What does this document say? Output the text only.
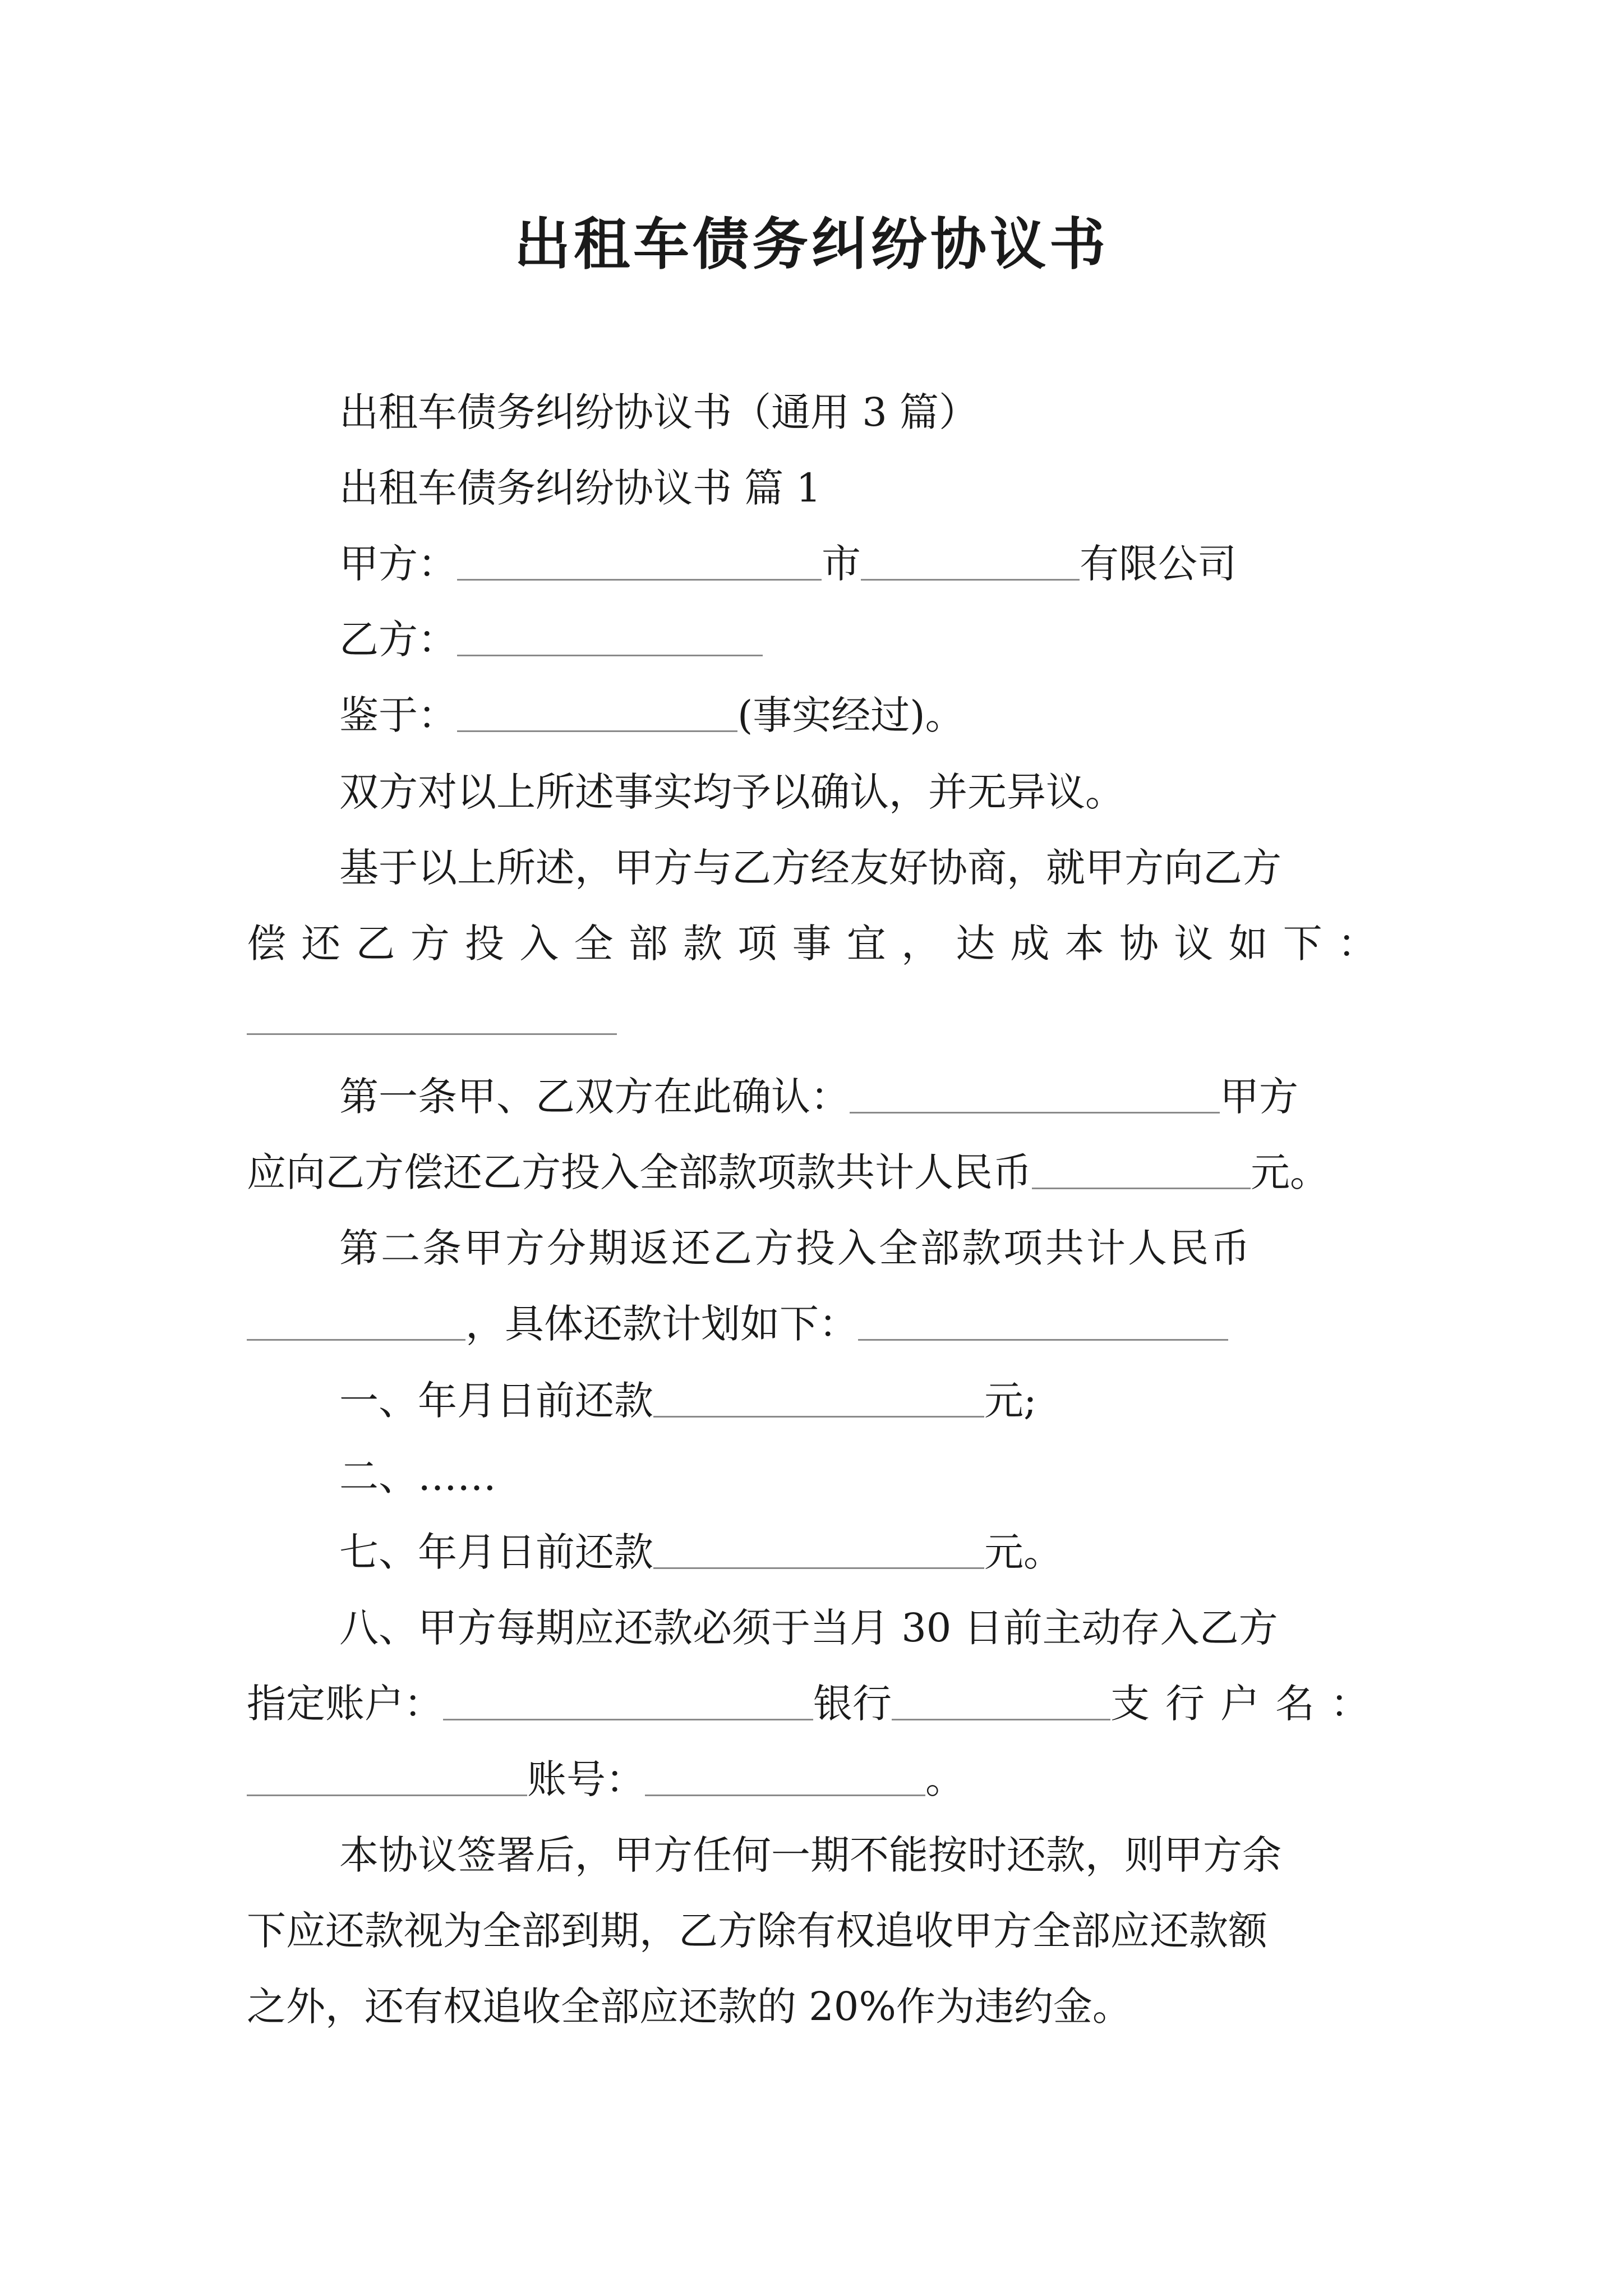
出租车债务纠纷协议书
出租车债务纠纷协议书（通用 3 篇）
出租车债务纠纷协议书 篇 1
甲方：	市	有限公司
乙方：
鉴于：	(事实经过)。
双方对以上所述事实均予以确认，并无异议。
基于以上所述，甲方与乙方经友好协商，就甲方向乙方
偿还乙方投入全部款项事宜，达成本协议如下：
第一条甲、乙双方在此确认：	甲方
应向乙方偿还乙方投入全部款项款共计人民币	元。
第二条甲方分期返还乙方投入全部款项共计人民币
，具体还款计划如下：
一、年月日前还款	元;
二、……
七、年月日前还款	元。
八、甲方每期应还款必须于当月 30 日前主动存入乙方
指定账户：	银行	支行户名：
账号：	。
本协议签署后，甲方任何一期不能按时还款，则甲方余
下应还款视为全部到期，乙方除有权追收甲方全部应还款额
之外，还有权追收全部应还款的 20%作为违约金。
